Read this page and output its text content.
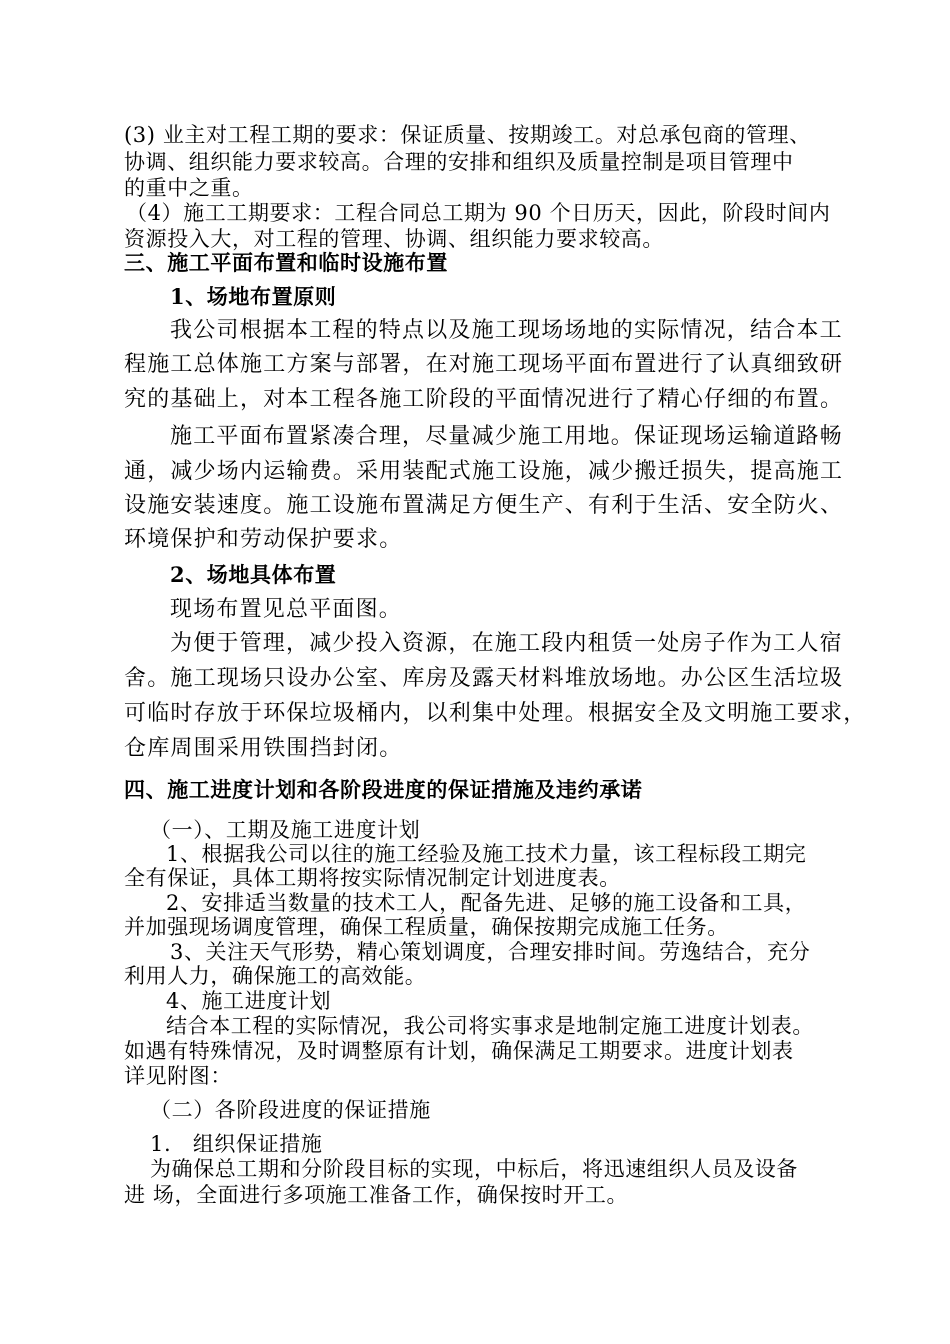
(3) 业主对工程工期的要求：保证质量、按期竣工。对总承包商的管理、
协调、组织能力要求较高。合理的安排和组织及质量控制是项目管理中
的重中之重。
（4）施工工期要求：工程合同总工期为 90 个日历天，因此，阶段时间内
资源投入大，对工程的管理、协调、组织能力要求较高。
三、施工平面布置和临时设施布置
1、场地布置原则
我公司根据本工程的特点以及施工现场场地的实际情况，结合本工
程施工总体施工方案与部署，在对施工现场平面布置进行了认真细致研
究的基础上，对本工程各施工阶段的平面情况进行了精心仔细的布置。
施工平面布置紧凑合理，尽量减少施工用地。保证现场运输道路畅
通，减少场内运输费。采用装配式施工设施，减少搬迁损失，提高施工
设施安装速度。施工设施布置满足方便生产、有利于生活、安全防火、
环境保护和劳动保护要求。
2、场地具体布置
现场布置见总平面图。
为便于管理，减少投入资源，在施工段内租赁一处房子作为工人宿
舍。施工现场只设办公室、库房及露天材料堆放场地。办公区生活垃圾
可临时存放于环保垃圾桶内，以利集中处理。根据安全及文明施工要求，
仓库周围采用铁围挡封闭。
四、施工进度计划和各阶段进度的保证措施及违约承诺
（一）、工期及施工进度计划
1、根据我公司以往的施工经验及施工技术力量，该工程标段工期完
全有保证，具体工期将按实际情况制定计划进度表。
2、安排适当数量的技术工人，配备先进、足够的施工设备和工具，
并加强现场调度管理，确保工程质量，确保按期完成施工任务。
3、关注天气形势，精心策划调度，合理安排时间。劳逸结合，充分
利用人力，确保施工的高效能。
4、施工进度计划
结合本工程的实际情况，我公司将实事求是地制定施工进度计划表。
如遇有特殊情况，及时调整原有计划，确保满足工期要求。进度计划表
详见附图：
（二）各阶段进度的保证措施
1.　组织保证措施
为确保总工期和分阶段目标的实现，中标后，将迅速组织人员及设备
进 场，全面进行多项施工准备工作，确保按时开工。
